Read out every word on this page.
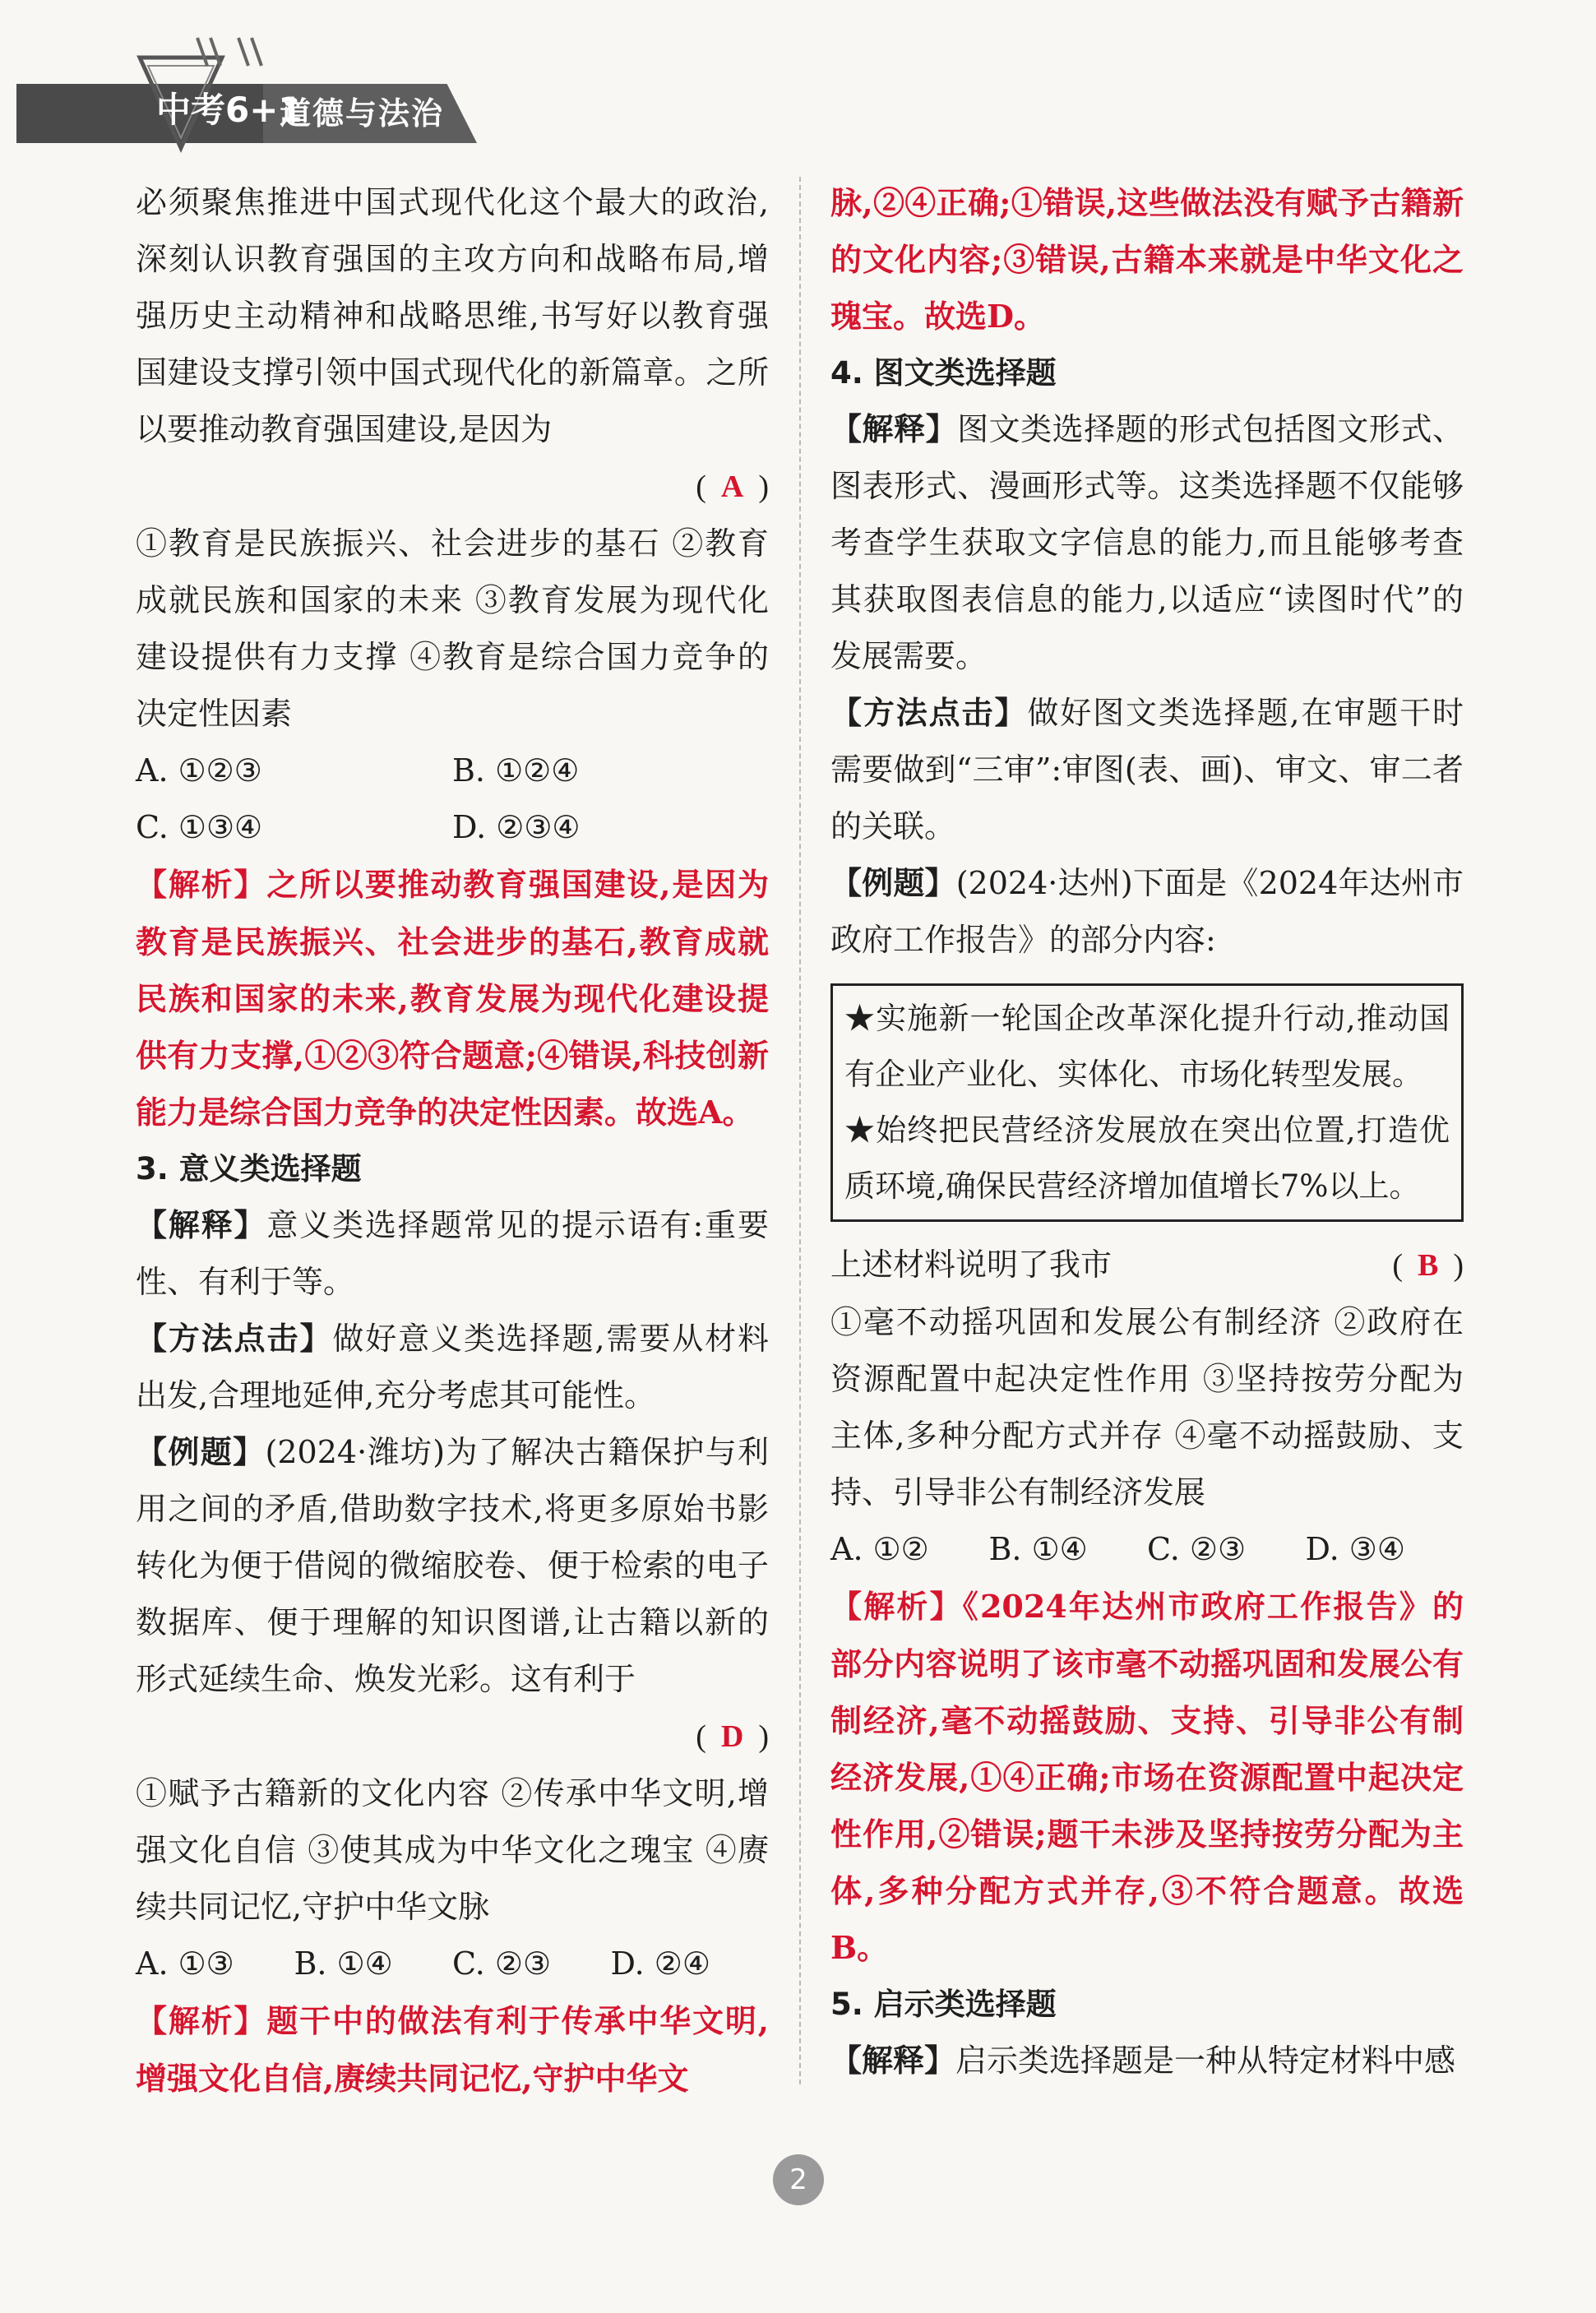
道德与法治
中考6+1

必须聚焦推进中国式现代化这个最大的政治,深刻认识教育强国的主攻方向和战略布局,增强历史主动精神和战略思维,书写好以教育强国建设支撑引领中国式现代化的新篇章。之所以要推动教育强国建设,是因为

( A )

①教育是民族振兴、社会进步的基石 ②教育成就民族和国家的未来 ③教育发展为现代化建设提供有力支撑 ④教育是综合国力竞争的决定性因素

A. ①②③	B. ①②④
C. ①③④	D. ②③④

【解析】之所以要推动教育强国建设,是因为教育是民族振兴、社会进步的基石,教育成就民族和国家的未来,教育发展为现代化建设提供有力支撑,①②③符合题意;④错误,科技创新能力是综合国力竞争的决定性因素。故选A。

3. 意义类选择题

【解释】意义类选择题常见的提示语有:重要性、有利于等。

【方法点击】做好意义类选择题,需要从材料出发,合理地延伸,充分考虑其可能性。

【例题】(2024·潍坊)为了解决古籍保护与利用之间的矛盾,借助数字技术,将更多原始书影转化为便于借阅的微缩胶卷、便于检索的电子数据库、便于理解的知识图谱,让古籍以新的形式延续生命、焕发光彩。这有利于

( D )

①赋予古籍新的文化内容 ②传承中华文明,增强文化自信 ③使其成为中华文化之瑰宝 ④赓续共同记忆,守护中华文脉

A. ①③	B. ①④	C. ②③	D. ②④

【解析】题干中的做法有利于传承中华文明,增强文化自信,赓续共同记忆,守护中华文

脉,②④正确;①错误,这些做法没有赋予古籍新的文化内容;③错误,古籍本来就是中华文化之瑰宝。故选D。

4. 图文类选择题

【解释】图文类选择题的形式包括图文形式、图表形式、漫画形式等。这类选择题不仅能够考查学生获取文字信息的能力,而且能够考查其获取图表信息的能力,以适应“读图时代”的发展需要。

【方法点击】做好图文类选择题,在审题干时需要做到“三审”:审图(表、画)、审文、审二者的关联。

【例题】(2024·达州)下面是《2024年达州市政府工作报告》的部分内容:

★实施新一轮国企改革深化提升行动,推动国有企业产业化、实体化、市场化转型发展。

★始终把民营经济发展放在突出位置,打造优质环境,确保民营经济增加值增长7%以上。

上述材料说明了我市	( B )

①毫不动摇巩固和发展公有制经济 ②政府在资源配置中起决定性作用 ③坚持按劳分配为主体,多种分配方式并存 ④毫不动摇鼓励、支持、引导非公有制经济发展

A. ①②	B. ①④	C. ②③	D. ③④

【解析】《2024年达州市政府工作报告》的部分内容说明了该市毫不动摇巩固和发展公有制经济,毫不动摇鼓励、支持、引导非公有制经济发展,①④正确;市场在资源配置中起决定性作用,②错误;题干未涉及坚持按劳分配为主体,多种分配方式并存,③不符合题意。故选B。

5. 启示类选择题

【解释】启示类选择题是一种从特定材料中感

2
